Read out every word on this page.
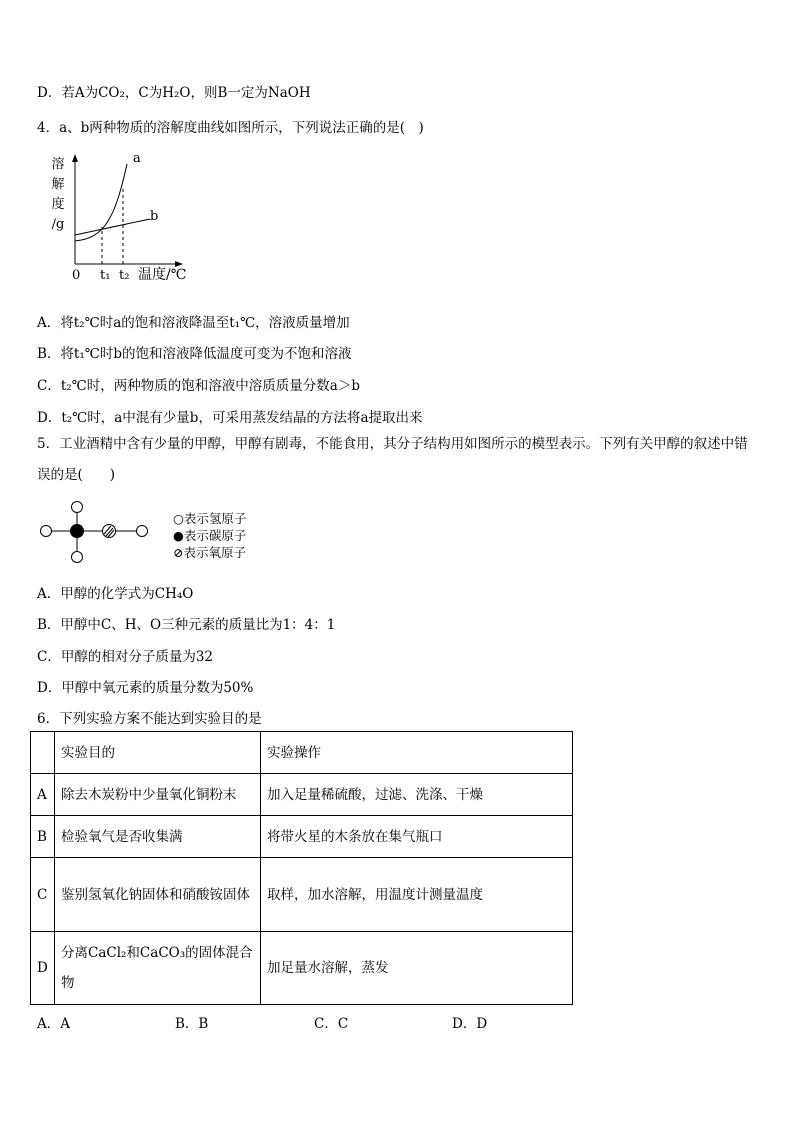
D．若A为CO₂，C为H₂O，则B一定为NaOH
4．a、b两种物质的溶解度曲线如图所示，下列说法正确的是(　)
溶
解
度
/g
a
b
0 t₁ t₂ 温度/℃
A．将t₂℃时a的饱和溶液降温至t₁℃，溶液质量增加
B．将t₁℃时b的饱和溶液降低温度可变为不饱和溶液
C．t₂℃时，两种物质的饱和溶液中溶质质量分数a＞b
D．t₂℃时，a中混有少量b，可采用蒸发结晶的方法将a提取出来
5．工业酒精中含有少量的甲醇，甲醇有剧毒，不能食用，其分子结构用如图所示的模型表示。下列有关甲醇的叙述中错误的是(　　)
○表示氢原子
●表示碳原子
⊘表示氧原子
A．甲醇的化学式为CH₄O
B．甲醇中C、H、O三种元素的质量比为1：4：1
C．甲醇的相对分子质量为32
D．甲醇中氧元素的质量分数为50%
6．下列实验方案不能达到实验目的是
	实验目的	实验操作
A	除去木炭粉中少量氧化铜粉末	加入足量稀硫酸，过滤、洗涤、干燥
B	检验氧气是否收集满	将带火星的木条放在集气瓶口
C	鉴别氢氧化钠固体和硝酸铵固体	取样，加水溶解，用温度计测量温度
D	分离CaCl₂和CaCO₃的固体混合物	加足量水溶解，蒸发
A．A	B．B	C．C	D．D
